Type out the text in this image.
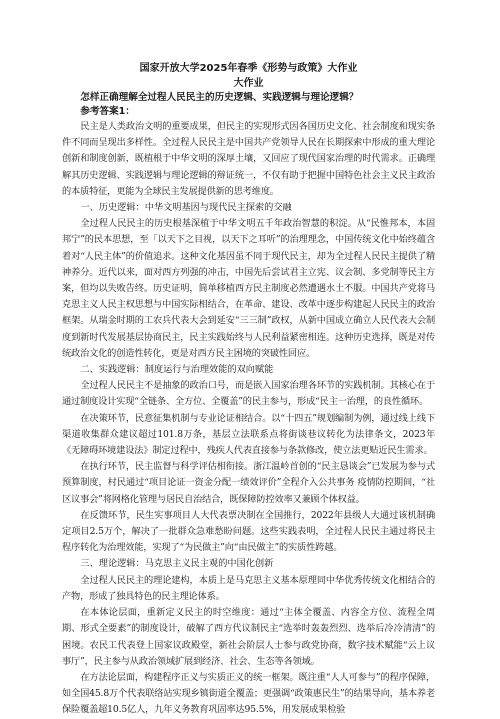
国家开放大学2025年春季《形势与政策》大作业

大作业

怎样正确理解全过程人民民主的历史逻辑、实践逻辑与理论逻辑？

参考答案1：

民主是人类政治文明的重要成果，但民主的实现形式因各国历史文化、社会制度和现实条件不同而呈现出多样性。全过程人民民主是中国共产党领导人民在长期探索中形成的重大理论创新和制度创新，既植根于中华文明的深厚土壤，又回应了现代国家治理的时代需求。正确理解其历史逻辑、实践逻辑与理论逻辑的辩证统一，不仅有助于把握中国特色社会主义民主政治的本质特征，更能为全球民主发展提供新的思考维度。

一、历史逻辑：中华文明基因与现代民主探索的交融

全过程人民民主的历史根基深植于中华文明五千年政治智慧的积淀。从“民惟邦本，本固邦宁”的民本思想，至「以天下之目视，以天下之耳听”的治理理念，中国传统文化中始终蕴含着对“人民主体”的价值追求。这种文化基因虽不同于现代民主，却为全过程人民民主提供了精神养分。近代以来，面对西方列强的冲击，中国先后尝试君主立宪、议会制、多党制等民主方案，但均以失败告终。历史证明，简单移植西方民主制度必然遭遇水土不服。中国共产党将马克思主义人民主权思想与中国实际相结合，在革命、建设、改革中逐步构建起人民民主的政治框架。从瑞金时期的工农兵代表大会到延安“三三制”政权，从新中国成立确立人民代表大会制度到新时代发展基层协商民主，民主实践始终与人民利益紧密相连。这种历史选择，既是对传统政治文化的创造性转化，更是对西方民主困境的突破性回应。

二、实践逻辑：制度运行与治理效能的双向赋能

全过程人民民主不是抽象的政治口号，而是嵌入国家治理各环节的实践机制。其核心在于通过制度设计实现“全链条、全方位、全覆盖”的民主参与，形成“民主一治理，的良性循环。

在决策环节，民意征集机制与专业论证相结合。以“十四五”规划编制为例，通过线上线下渠道收集群众建议超过101.8万条，基层立法联系点将街谈巷议转化为法律条文，2023年《无障碍环境建设法》制定过程中，残疾人代表直接参与条款修改，使立法更贴近民生需求。

在执行环节，民主监督与科学评估相衔接。浙江温岭首创的“民主恳谈会”已发展为参与式预算制度，村民通过“项目论证一资金分配一绩效评价”全程介入公共事务 疫情防控期间，“社区议事会”将网格化管理与居民自治结合，既保障防控效率又兼顾个体权益。

在反馈环节，民生实事项目人大代表票决制在全国推行，2022年县级人大通过该机制确定项目2.5万个，解决了一批群众急难愁盼问题。这些实践表明，全过程人民民主通过将民主程序转化为治理效能，实现了“为民做主”向“由民做主”的实质性跨越。

三、理论逻辑：马克思主义民主观的中国化创新

全过程人民民主的理论建构，本质上是马克思主义基本原理同中华优秀传统文化相结合的产物，形成了独具特色的民主理论体系。

在本体论层面，重新定义民主的时空维度：通过“主体全覆盖、内容全方位、流程全周期、形式全要素”的制度设计，破解了西方代议制民主“选举时轰轰烈烈、选举后冷冷清清”的困境。农民工代表登上国家议政殿堂，新社会阶层人士参与政党协商，数字技术赋能“云上议事厅”，民主参与从政治领域扩展到经济、社会、生态等各领域。

在方法论层面，构建程序正义与实质正义的统一框架。既注重“人人可参与”的程序保障，如全国45.8万个代表联络站实现乡镇街道全覆盖；更强调“政策惠民生”的结果导向，基本养老保险覆盖超10.5亿人，九年义务教育巩固率达95.5%，用发展成果检验
